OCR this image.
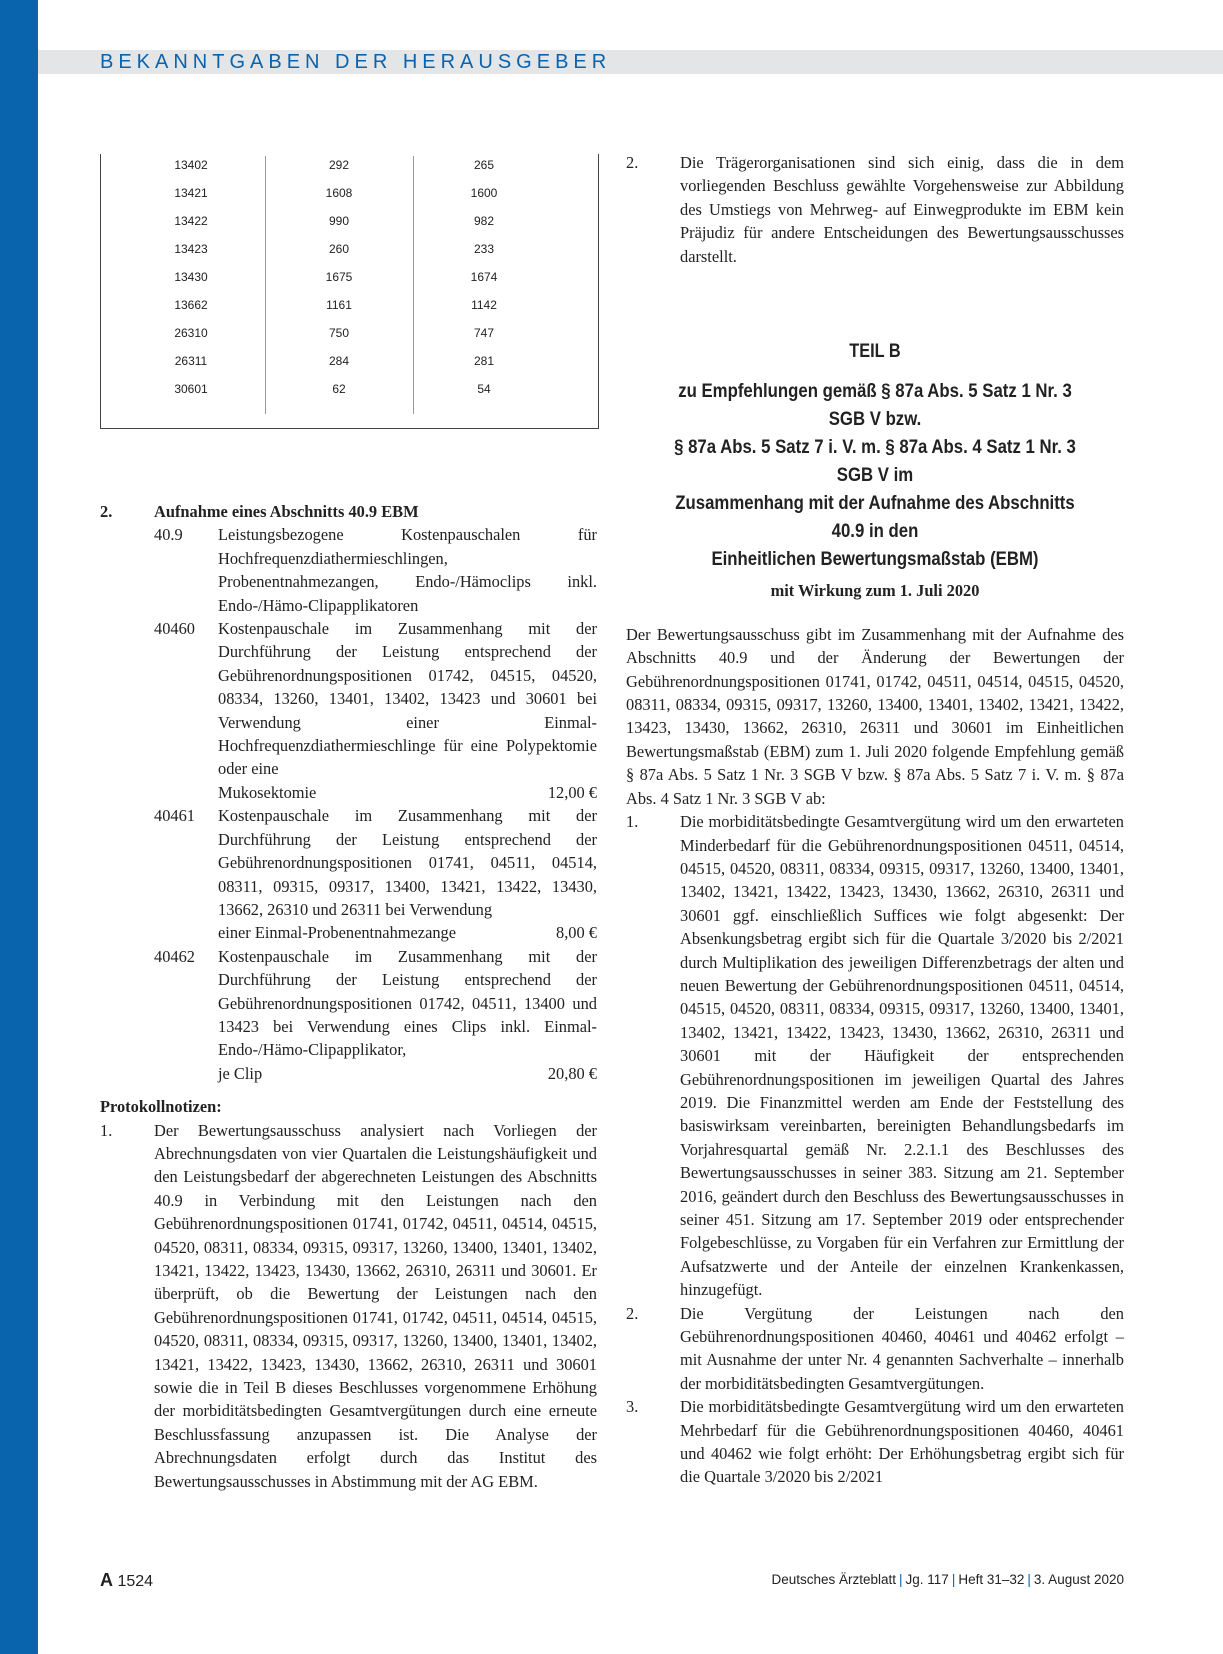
BEKANNTGABEN DER HERAUSGEBER
13402	292	265
13421	1608	1600
13422	990	982
13423	260	233
13430	1675	1674
13662	1161	1142
26310	750	747
26311	284	281
30601	62	54
2.	Aufnahme eines Abschnitts 40.9 EBM
40.9	Leistungsbezogene Kostenpauschalen für Hochfrequenzdiathermieschlingen, Probenentnahmezangen, Endo-/Hämoclips inkl. Endo-/Hämo-Clipapplikatoren
40460	Kostenpauschale im Zusammenhang mit der Durchführung der Leistung entsprechend der Gebührenordnungspositionen 01742, 04515, 04520, 08334, 13260, 13401, 13402, 13423 und 30601 bei Verwendung einer Einmal-Hochfrequenzdiathermieschlinge für eine Polypektomie oder eine
Mukosektomie	12,00 €
40461	Kostenpauschale im Zusammenhang mit der Durchführung der Leistung entsprechend der Gebührenordnungspositionen 01741, 04511, 04514, 08311, 09315, 09317, 13400, 13421, 13422, 13430, 13662, 26310 und 26311 bei Verwendung
einer Einmal-Probenentnahmezange	8,00 €
40462	Kostenpauschale im Zusammenhang mit der Durchführung der Leistung entsprechend der Gebührenordnungspositionen 01742, 04511, 13400 und 13423 bei Verwendung eines Clips inkl. Einmal-Endo-/Hämo-Clipapplikator,
je Clip	20,80 €

Protokollnotizen:

1.	Der Bewertungsausschuss analysiert nach Vorliegen der Abrechnungsdaten von vier Quartalen die Leistungshäufigkeit und den Leistungsbedarf der abgerechneten Leistungen des Abschnitts 40.9 in Verbindung mit den Leistungen nach den Gebührenordnungspositionen 01741, 01742, 04511, 04514, 04515, 04520, 08311, 08334, 09315, 09317, 13260, 13400, 13401, 13402, 13421, 13422, 13423, 13430, 13662, 26310, 26311 und 30601. Er überprüft, ob die Bewertung der Leistungen nach den Gebührenordnungspositionen 01741, 01742, 04511, 04514, 04515, 04520, 08311, 08334, 09315, 09317, 13260, 13400, 13401, 13402, 13421, 13422, 13423, 13430, 13662, 26310, 26311 und 30601 sowie die in Teil B dieses Beschlusses vorgenommene Erhöhung der morbiditätsbedingten Gesamtvergütungen durch eine erneute Beschlussfassung anzupassen ist. Die Analyse der Abrechnungsdaten erfolgt durch das Institut des Bewertungsausschusses in Abstimmung mit der AG EBM.
2.	Die Trägerorganisationen sind sich einig, dass die in dem vorliegenden Beschluss gewählte Vorgehensweise zur Abbildung des Umstiegs von Mehrweg- auf Einwegprodukte im EBM kein Präjudiz für andere Entscheidungen des Bewertungsausschusses darstellt.

TEIL B

zu Empfehlungen gemäß § 87a Abs. 5 Satz 1 Nr. 3 SGB V bzw.

§ 87a Abs. 5 Satz 7 i. V. m. § 87a Abs. 4 Satz 1 Nr. 3 SGB V im

Zusammenhang mit der Aufnahme des Abschnitts 40.9 in den

Einheitlichen Bewertungsmaßstab (EBM)

mit Wirkung zum 1. Juli 2020

Der Bewertungsausschuss gibt im Zusammenhang mit der Aufnahme des Abschnitts 40.9 und der Änderung der Bewertungen der Gebührenordnungspositionen 01741, 01742, 04511, 04514, 04515, 04520, 08311, 08334, 09315, 09317, 13260, 13400, 13401, 13402, 13421, 13422, 13423, 13430, 13662, 26310, 26311 und 30601 im Einheitlichen Bewertungsmaßstab (EBM) zum 1. Juli 2020 folgende Empfehlung gemäß § 87a Abs. 5 Satz 1 Nr. 3 SGB V bzw. § 87a Abs. 5 Satz 7 i. V. m. § 87a Abs. 4 Satz 1 Nr. 3 SGB V ab:

1.	Die morbiditätsbedingte Gesamtvergütung wird um den erwarteten Minderbedarf für die Gebührenordnungspositionen 04511, 04514, 04515, 04520, 08311, 08334, 09315, 09317, 13260, 13400, 13401, 13402, 13421, 13422, 13423, 13430, 13662, 26310, 26311 und 30601 ggf. einschließlich Suffices wie folgt abgesenkt: Der Absenkungsbetrag ergibt sich für die Quartale 3/2020 bis 2/2021 durch Multiplikation des jeweiligen Differenzbetrags der alten und neuen Bewertung der Gebührenordnungspositionen 04511, 04514, 04515, 04520, 08311, 08334, 09315, 09317, 13260, 13400, 13401, 13402, 13421, 13422, 13423, 13430, 13662, 26310, 26311 und 30601 mit der Häufigkeit der entsprechenden Gebührenordnungspositionen im jeweiligen Quartal des Jahres 2019. Die Finanzmittel werden am Ende der Feststellung des basiswirksam vereinbarten, bereinigten Behandlungsbedarfs im Vorjahresquartal gemäß Nr. 2.2.1.1 des Beschlusses des Bewertungsausschusses in seiner 383. Sitzung am 21. September 2016, geändert durch den Beschluss des Bewertungsausschusses in seiner 451. Sitzung am 17. September 2019 oder entsprechender Folgebeschlüsse, zu Vorgaben für ein Verfahren zur Ermittlung der Aufsatzwerte und der Anteile der einzelnen Krankenkassen, hinzugefügt.
2.	Die Vergütung der Leistungen nach den Gebührenordnungspositionen 40460, 40461 und 40462 erfolgt – mit Ausnahme der unter Nr. 4 genannten Sachverhalte – innerhalb der morbiditätsbedingten Gesamtvergütungen.
3.	Die morbiditätsbedingte Gesamtvergütung wird um den erwarteten Mehrbedarf für die Gebührenordnungspositionen 40460, 40461 und 40462 wie folgt erhöht: Der Erhöhungsbetrag ergibt sich für die Quartale 3/2020 bis 2/2021
A 1524	Deutsches Ärzteblatt | Jg. 117 | Heft 31–32 | 3. August 2020
